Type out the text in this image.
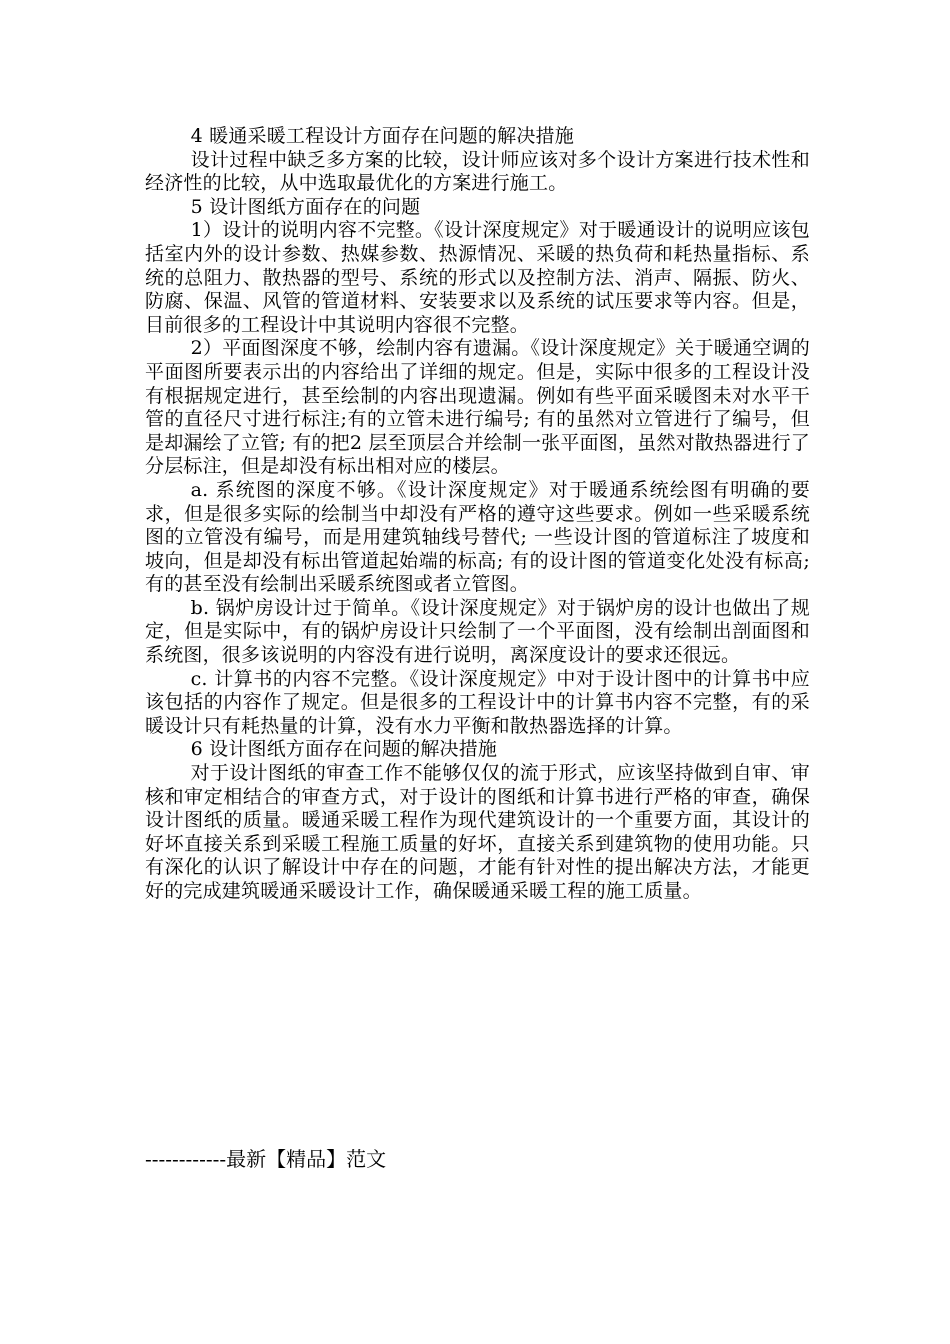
4 暖通采暖工程设计方面存在问题的解决措施

设计过程中缺乏多方案的比较，设计师应该对多个设计方案进行技术性和经济性的比较，从中选取最优化的方案进行施工。

5 设计图纸方面存在的问题

1）设计的说明内容不完整。《设计深度规定》对于暖通设计的说明应该包括室内外的设计参数、热媒参数、热源情况、采暖的热负荷和耗热量指标、系统的总阻力、散热器的型号、系统的形式以及控制方法、消声、隔振、防火、防腐、保温、风管的管道材料、安装要求以及系统的试压要求等内容。但是，目前很多的工程设计中其说明内容很不完整。

2）平面图深度不够，绘制内容有遗漏。《设计深度规定》关于暖通空调的平面图所要表示出的内容给出了详细的规定。但是，实际中很多的工程设计没有根据规定进行，甚至绘制的内容出现遗漏。例如有些平面采暖图未对水平干管的直径尺寸进行标注;有的立管未进行编号; 有的虽然对立管进行了编号，但是却漏绘了立管; 有的把2 层至顶层合并绘制一张平面图，虽然对散热器进行了分层标注，但是却没有标出相对应的楼层。

a. 系统图的深度不够。《设计深度规定》对于暖通系统绘图有明确的要求，但是很多实际的绘制当中却没有严格的遵守这些要求。例如一些采暖系统图的立管没有编号，而是用建筑轴线号替代; 一些设计图的管道标注了坡度和坡向，但是却没有标出管道起始端的标高; 有的设计图的管道变化处没有标高; 有的甚至没有绘制出采暖系统图或者立管图。

b. 锅炉房设计过于简单。《设计深度规定》对于锅炉房的设计也做出了规定，但是实际中，有的锅炉房设计只绘制了一个平面图，没有绘制出剖面图和系统图，很多该说明的内容没有进行说明，离深度设计的要求还很远。

c. 计算书的内容不完整。《设计深度规定》中对于设计图中的计算书中应该包括的内容作了规定。但是很多的工程设计中的计算书内容不完整，有的采暖设计只有耗热量的计算，没有水力平衡和散热器选择的计算。

6 设计图纸方面存在问题的解决措施

对于设计图纸的审查工作不能够仅仅的流于形式，应该坚持做到自审、审核和审定相结合的审查方式，对于设计的图纸和计算书进行严格的审查，确保设计图纸的质量。暖通采暖工程作为现代建筑设计的一个重要方面，其设计的好坏直接关系到采暖工程施工质量的好坏，直接关系到建筑物的使用功能。只有深化的认识了解设计中存在的问题，才能有针对性的提出解决方法，才能更好的完成建筑暖通采暖设计工作，确保暖通采暖工程的施工质量。

------------最新【精品】范文
